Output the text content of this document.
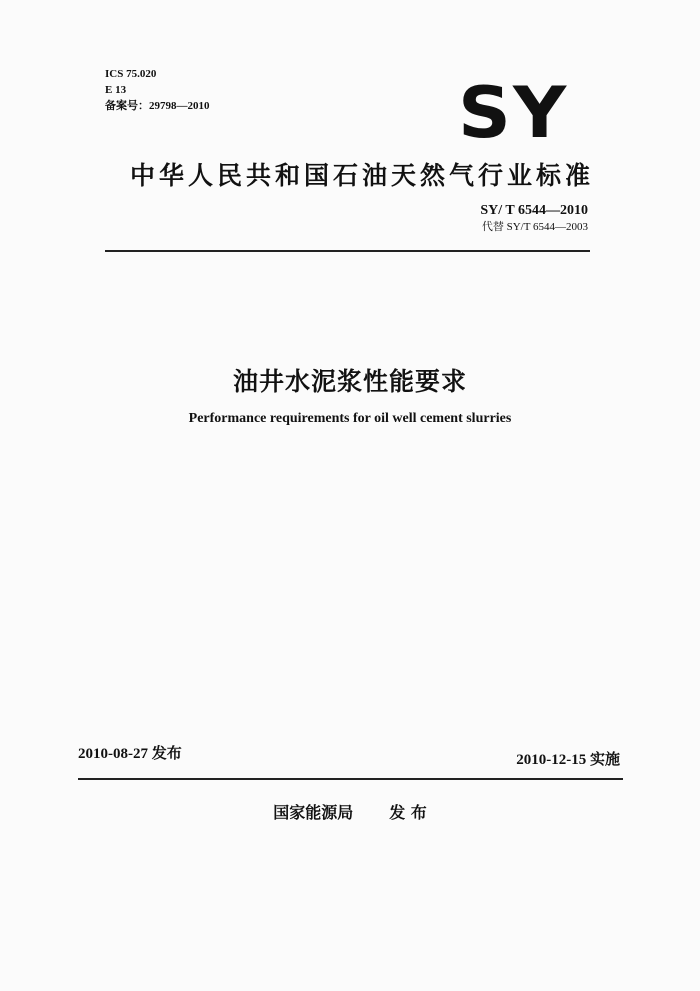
ICS 75.020
E 13
备案号：29798—2010	SY
中华人民共和国石油天然气行业标准
SY/ T 6544—2010
代替 SY/T 6544—2003
油井水泥浆性能要求
Performance requirements for oil well cement slurries
2010-08-27 发布	2010-12-15 实施
国家能源局 发 布
